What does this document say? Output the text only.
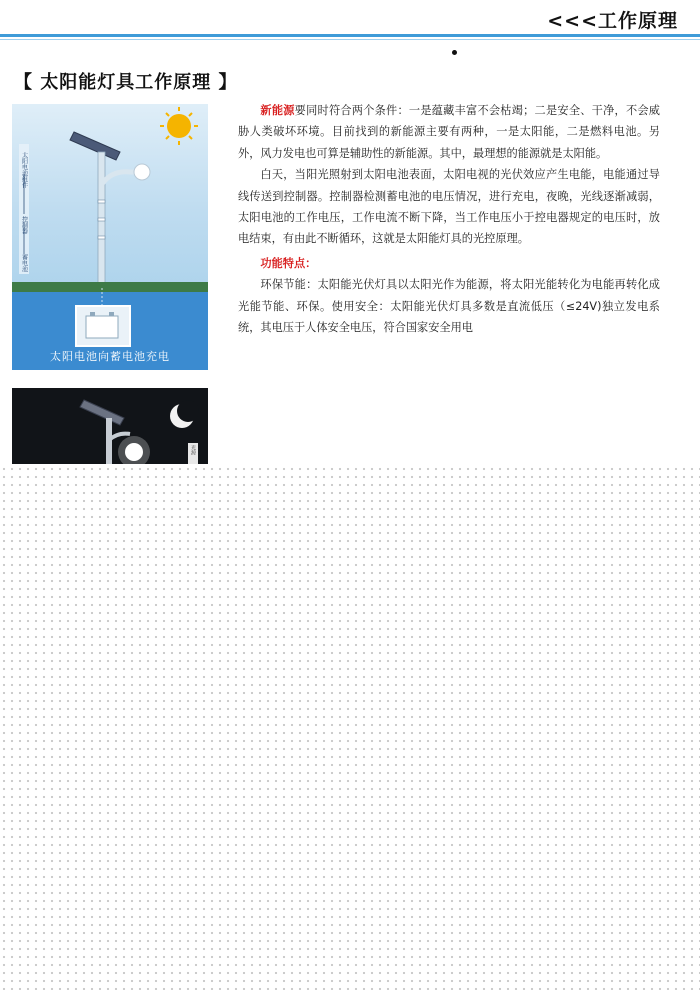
<<<工作原理
【 太阳能灯具工作原理 】
太阳电池组件
控制器
蓄电池
太阳电池向蓄电池充电
光源

新能源要同时符合两个条件：一是蕴藏丰富不会枯竭；二是安全、干净，不会威胁人类破坏环境。目前找到的新能源主要有两种，一是太阳能，二是燃料电池。另外，风力发电也可算是辅助性的新能源。其中，最理想的能源就是太阳能。

白天，当阳光照射到太阳电池表面，太阳电视的光伏效应产生电能，电能通过导线传送到控制器。控制器检测蓄电池的电压情况，进行充电，夜晚，光线逐渐减弱，太阳电池的工作电压，工作电流不断下降，当工作电压小于控电器规定的电压时，放电结束，有由此不断循环，这就是太阳能灯具的光控原理。

功能特点：

环保节能：太阳能光伏灯具以太阳光作为能源，将太阳光能转化为电能再转化成光能节能、环保。使用安全：太阳能光伏灯具多数是直流低压（≤24V)独立发电系统，其电压于人体安全电压，符合国家安全用电
